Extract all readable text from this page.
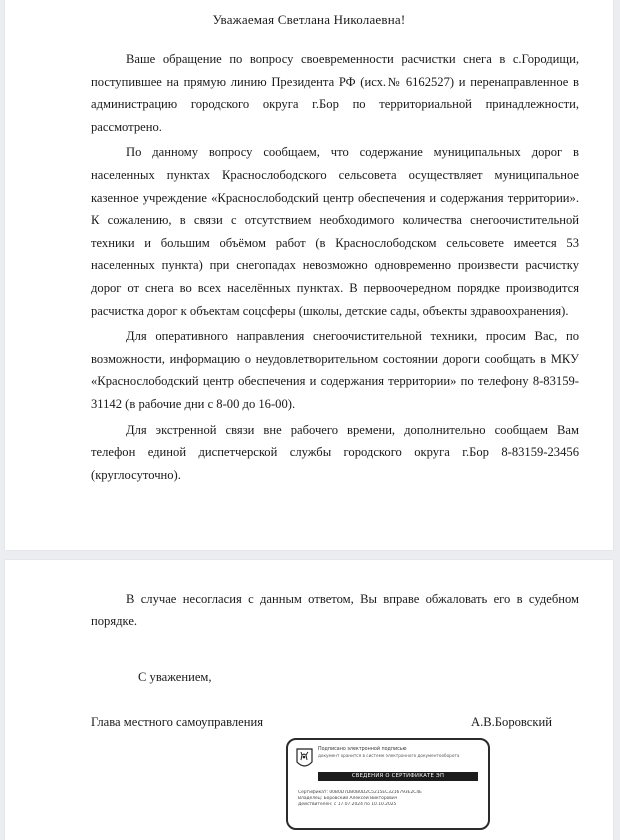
Уважаемая Светлана Николаевна!

Ваше обращение по вопросу своевременности расчистки снега в с.Городищи, поступившее на прямую линию Президента РФ (исх.№ 6162527) и перенаправленное в администрацию городского округа г.Бор по территориальной принадлежности, рассмотрено.

По данному вопросу сообщаем, что содержание муниципальных дорог в населенных пунктах Краснослободского сельсовета осуществляет муниципальное казенное учреждение «Краснослободский центр обеспечения и содержания территории». К сожалению, в связи с отсутствием необходимого количества снегоочистительной техники и большим объёмом работ (в Краснослободском сельсовете имеется 53 населенных пункта) при снегопадах невозможно одновременно произвести расчистку дорог от снега во всех населённых пунктах. В первоочередном порядке производится расчистка дорог к объектам соцсферы (школы, детские сады, объекты здравоохранения).

Для оперативного направления снегоочистительной техники, просим Вас, по возможности, информацию о неудовлетворительном состоянии дороги сообщать в МКУ «Краснослободский центр обеспечения и содержания территории» по телефону 8-83159-31142 (в рабочие дни с 8-00 до 16-00).

Для экстренной связи вне рабочего времени, дополнительно сообщаем Вам телефон единой диспетчерской службы городского округа г.Бор 8-83159-23456 (круглосуточно).

В случае несогласия с данным ответом, Вы вправе обжаловать его в судебном порядке.

С уважением,
Глава местного самоуправления	А.В.Боровский
Подписано электронной подписью
документ хранится в системе электронного документооборота
СВЕДЕНИЯ О СЕРТИФИКАТЕ ЭП
Сертификат: 00B0D7DB0B0D2C5215EC3216793E2C4E
Владелец: Боровский Алексей Викторович
Действителен: с 17.07.2024 по 10.10.2025
